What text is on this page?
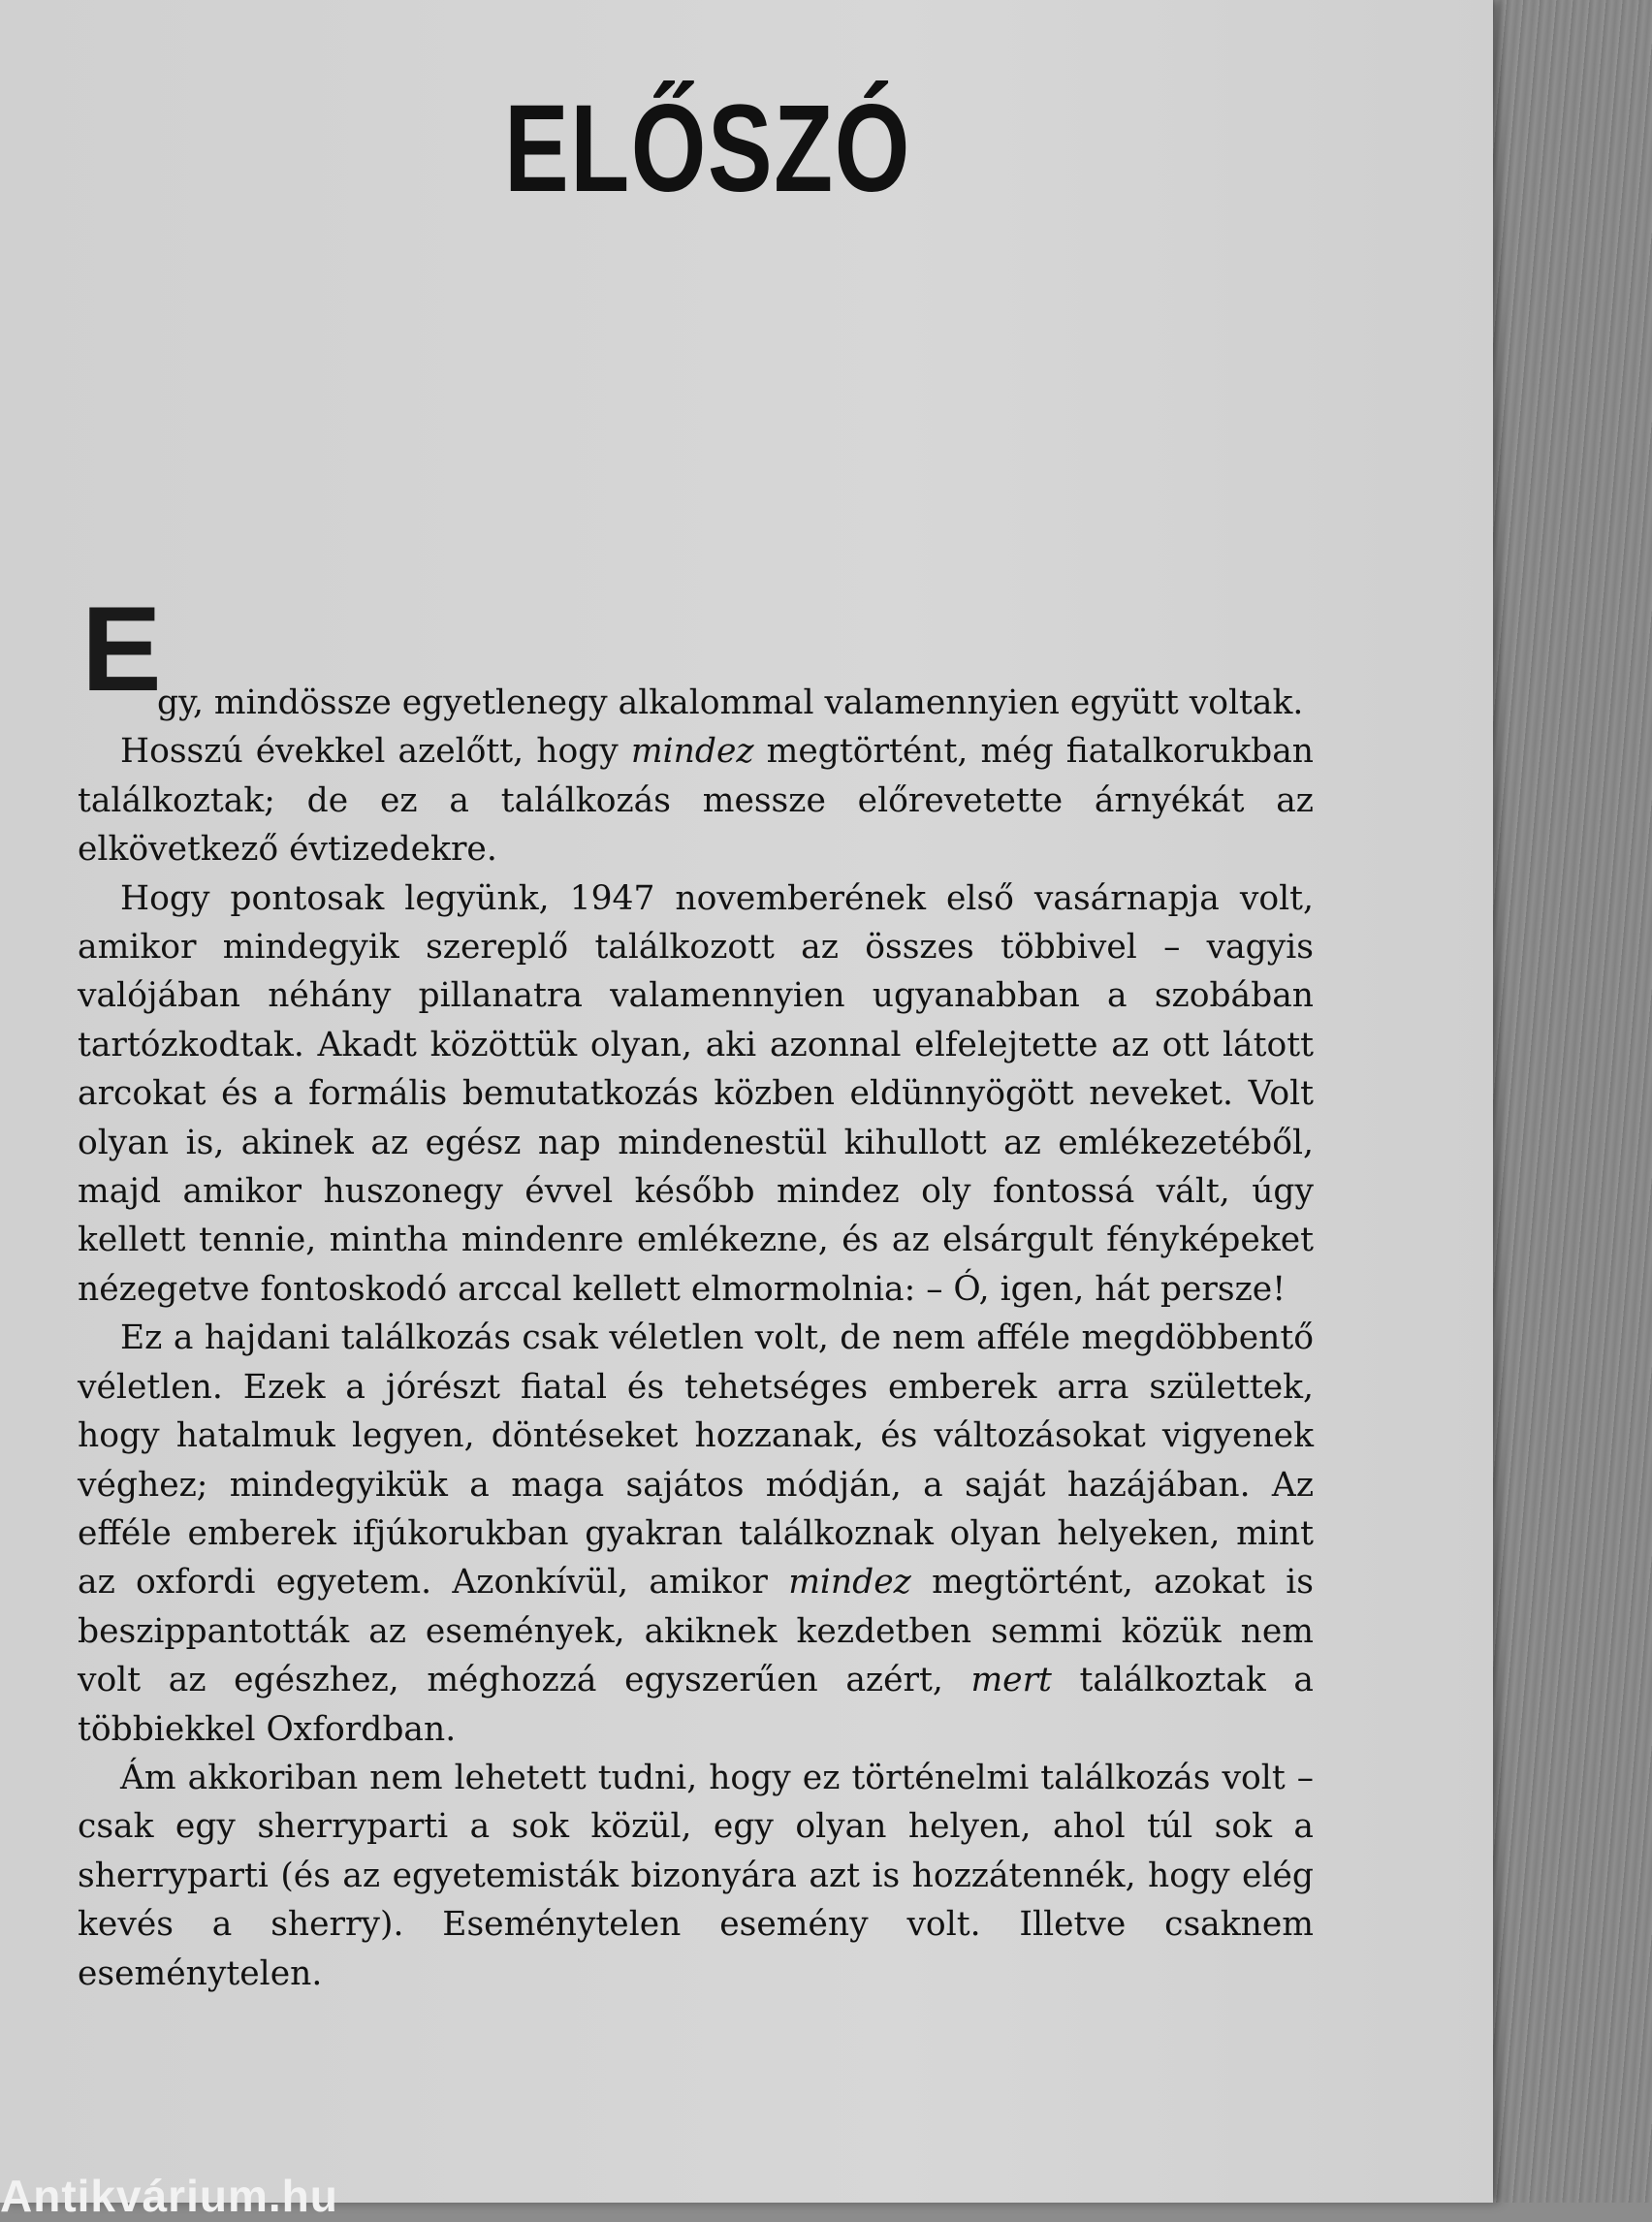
ELŐSZÓ

E
gy, mindössze egyetlenegy alkalommal valamennyien együtt voltak.

Hosszú évekkel azelőtt, hogy mindez megtörtént, még fiatalkorukban találkoztak; de ez a találkozás messze előrevetette árnyékát az elkövetkező évtizedekre.

Hogy pontosak legyünk, 1947 novemberének első vasárnapja volt, amikor mindegyik szereplő találkozott az összes többivel – vagyis valójában néhány pillanatra valamennyien ugyanabban a szobában tartózkodtak. Akadt közöttük olyan, aki azonnal elfelejtette az ott látott arcokat és a formális bemutatkozás közben eldünnyögött neveket. Volt olyan is, akinek az egész nap mindenestül kihullott az emlékezetéből, majd amikor huszonegy évvel később mindez oly fontossá vált, úgy kellett tennie, mintha mindenre emlékezne, és az elsárgult fényképeket nézegetve fontoskodó arccal kellett elmormolnia: – Ó, igen, hát persze!

Ez a hajdani találkozás csak véletlen volt, de nem afféle megdöbbentő véletlen. Ezek a jórészt fiatal és tehetséges emberek arra születtek, hogy hatalmuk legyen, döntéseket hozzanak, és változásokat vigyenek véghez; mindegyikük a maga sajátos módján, a saját hazájában. Az efféle emberek ifjúkorukban gyakran találkoznak olyan helyeken, mint az oxfordi egyetem. Azonkívül, amikor mindez megtörtént, azokat is beszippantották az események, akiknek kezdetben semmi közük nem volt az egészhez, méghozzá egyszerűen azért, mert találkoztak a többiekkel Oxfordban.

Ám akkoriban nem lehetett tudni, hogy ez történelmi találkozás volt – csak egy sherryparti a sok közül, egy olyan helyen, ahol túl sok a sherryparti (és az egyetemisták bizonyára azt is hozzátennék, hogy elég kevés a sherry). Eseménytelen esemény volt. Illetve csaknem eseménytelen.

Antikvárium.hu
